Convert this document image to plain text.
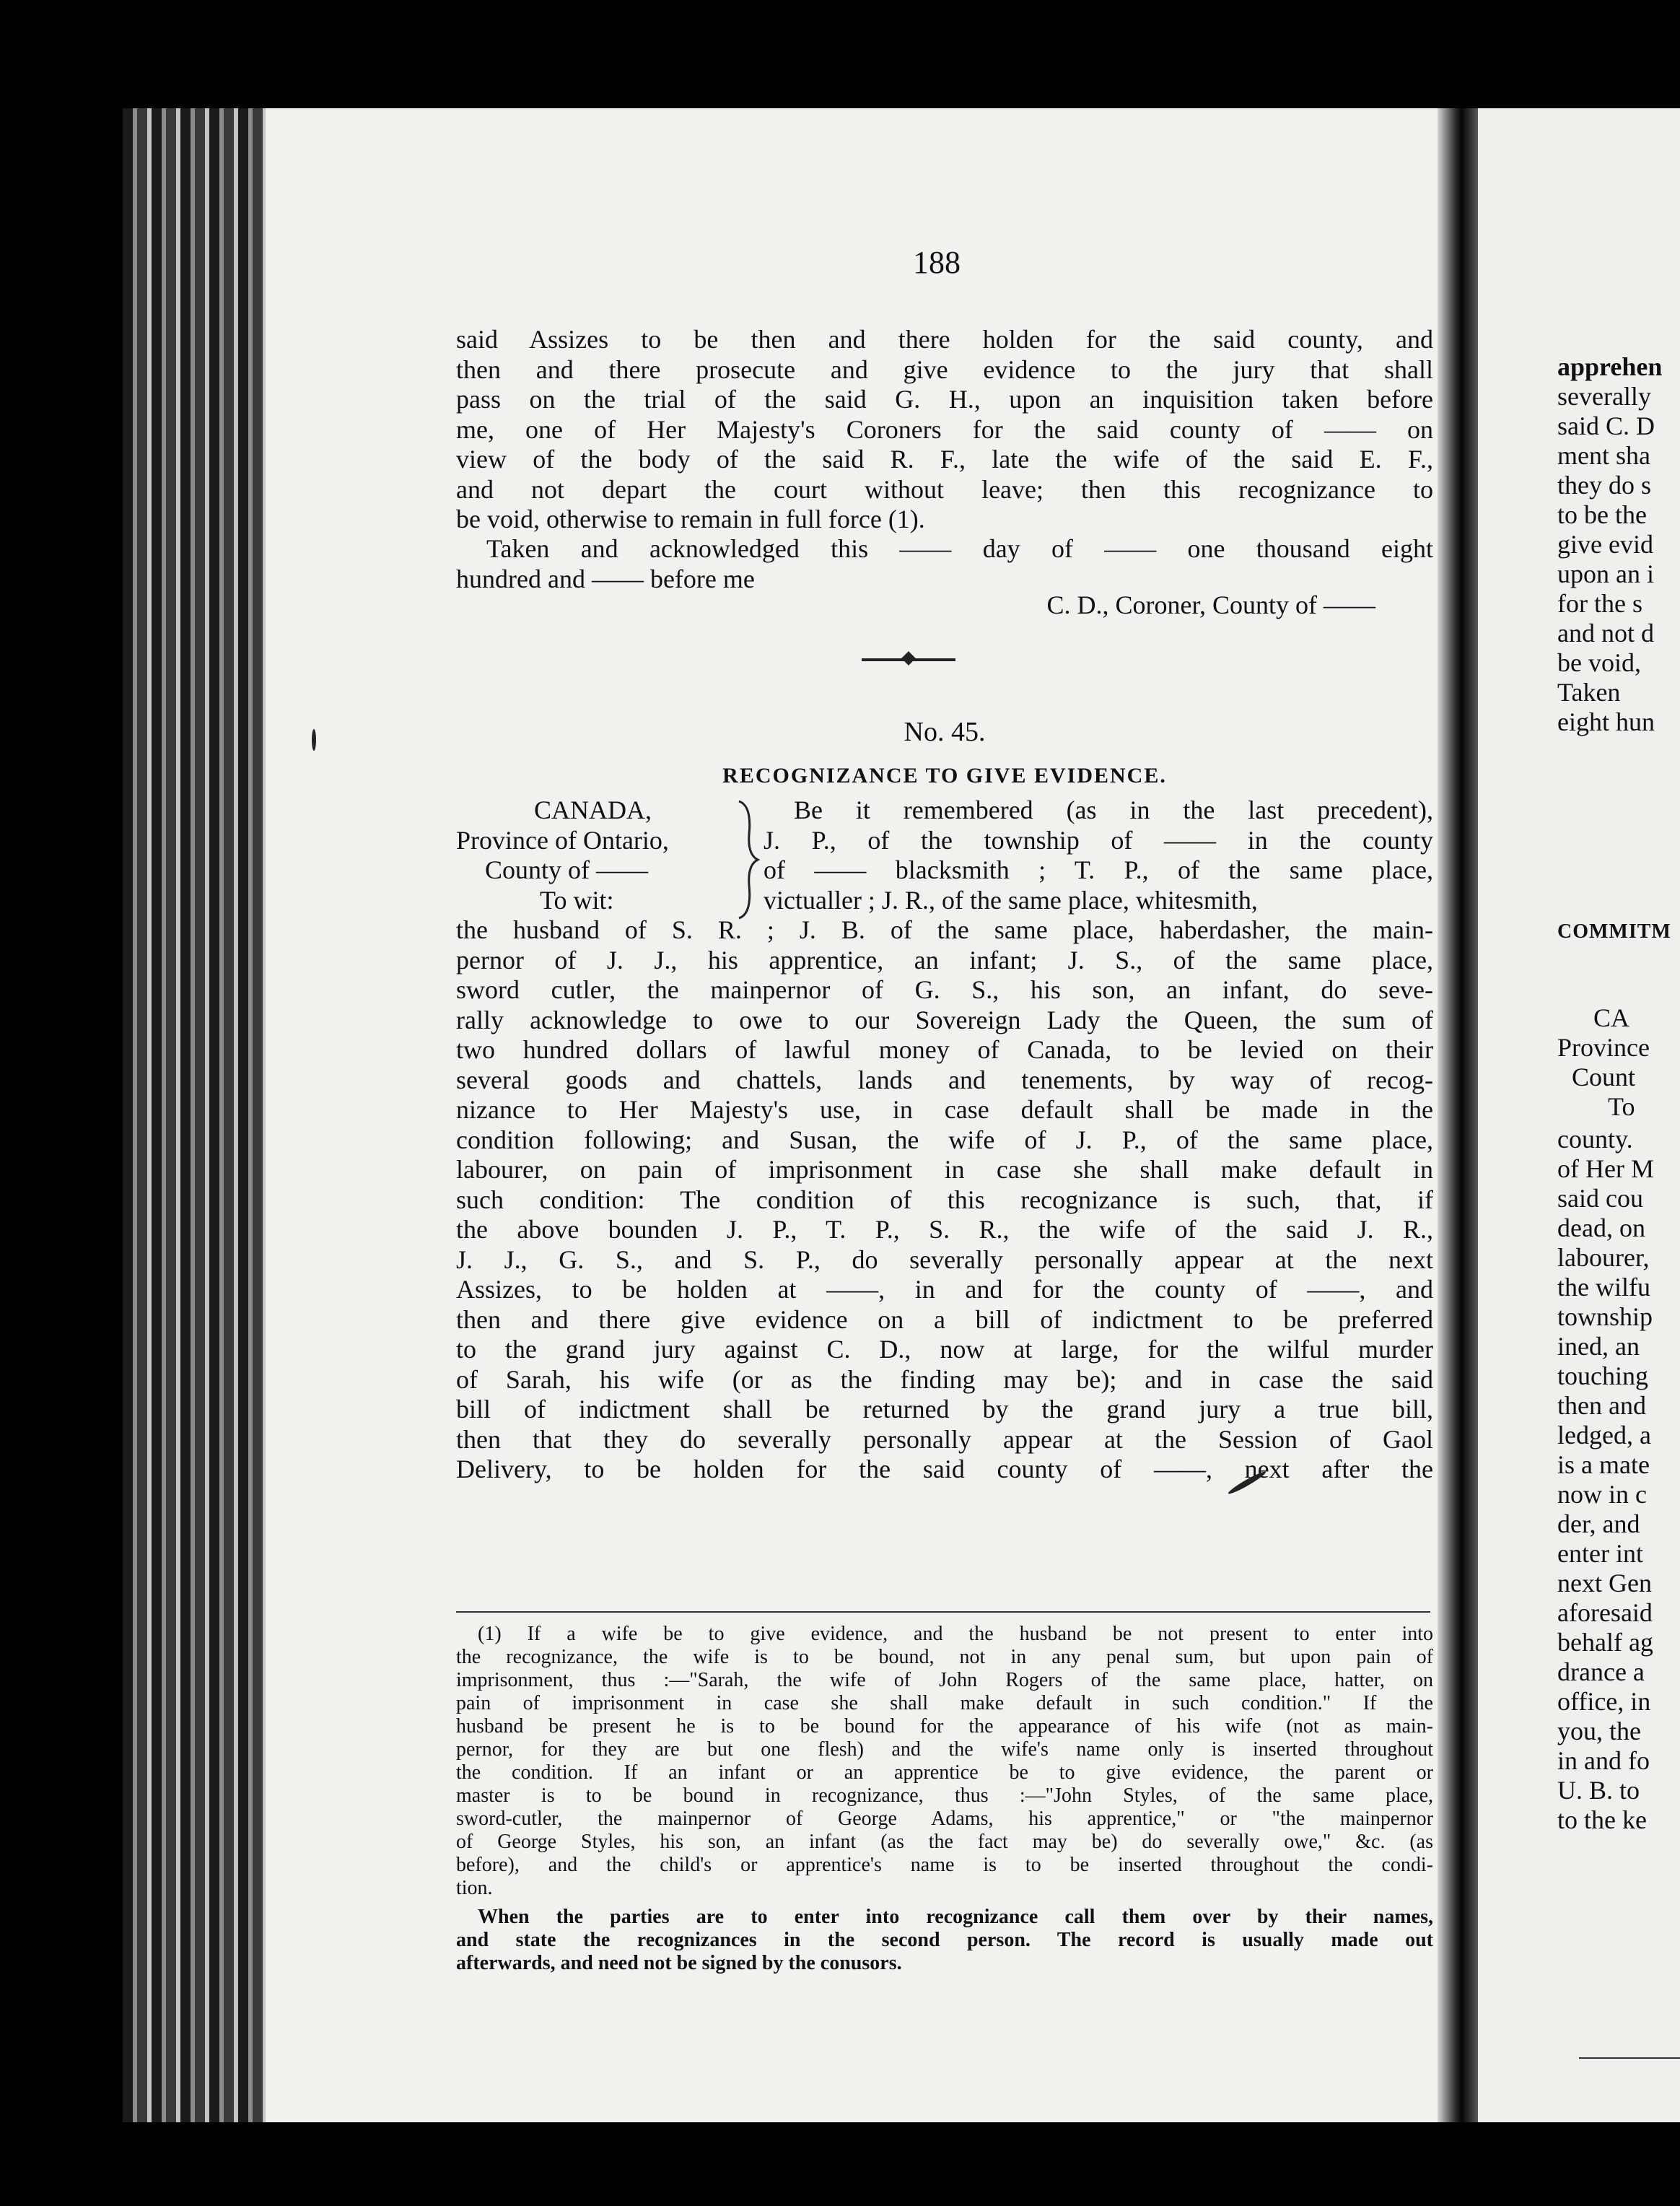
188

said Assizes to be then and there holden for the said county, and

then and there prosecute and give evidence to the jury that shall

pass on the trial of the said G. H., upon an inquisition taken before

me, one of Her Majesty's Coroners for the said county of —— on

view of the body of the said R. F., late the wife of the said E. F.,

and not depart the court without leave; then this recognizance to

be void, otherwise to remain in full force (1).

Taken and acknowledged this —— day of —— one thousand eight

hundred and —— before me

C. D., Coroner, County of ——

No. 45.
RECOGNIZANCE TO GIVE EVIDENCE.

CANADA,

Province of Ontario,

County of ——

To wit:

Be it remembered (as in the last precedent),

J. P., of the township of —— in the county

of —— blacksmith ; T. P., of the same place,

victualler ; J. R., of the same place, whitesmith,

the husband of S. R. ; J. B. of the same place, haberdasher, the main-

pernor of J. J., his apprentice, an infant; J. S., of the same place,

sword cutler, the mainpernor of G. S., his son, an infant, do seve-

rally acknowledge to owe to our Sovereign Lady the Queen, the sum of

two hundred dollars of lawful money of Canada, to be levied on their

several goods and chattels, lands and tenements, by way of recog-

nizance to Her Majesty's use, in case default shall be made in the

condition following; and Susan, the wife of J. P., of the same place,

labourer, on pain of imprisonment in case she shall make default in

such condition: The condition of this recognizance is such, that, if

the above bounden J. P., T. P., S. R., the wife of the said J. R.,

J. J., G. S., and S. P., do severally personally appear at the next

Assizes, to be holden at ——, in and for the county of ——, and

then and there give evidence on a bill of indictment to be preferred

to the grand jury against C. D., now at large, for the wilful murder

of Sarah, his wife (or as the finding may be); and in case the said

bill of indictment shall be returned by the grand jury a true bill,

then that they do severally personally appear at the Session of Gaol

Delivery, to be holden for the said county of ——, next after the

(1) If a wife be to give evidence, and the husband be not present to enter into

the recognizance, the wife is to be bound, not in any penal sum, but upon pain of

imprisonment, thus :—"Sarah, the wife of John Rogers of the same place, hatter, on

pain of imprisonment in case she shall make default in such condition." If the

husband be present he is to be bound for the appearance of his wife (not as main-

pernor, for they are but one flesh) and the wife's name only is inserted throughout

the condition. If an infant or an apprentice be to give evidence, the parent or

master is to be bound in recognizance, thus :—"John Styles, of the same place,

sword-cutler, the mainpernor of George Adams, his apprentice," or "the mainpernor

of George Styles, his son, an infant (as the fact may be) do severally owe," &c. (as

before), and the child's or apprentice's name is to be inserted throughout the condi-

tion.

When the parties are to enter into recognizance call them over by their names,

and state the recognizances in the second person. The record is usually made out

afterwards, and need not be signed by the conusors.

apprehen

severally

said C. D

ment sha

they do s

to be the

give evid

upon an i

for the s

and not d

be void,

Taken

eight hun

COMMITM

CA

Province

Count

To

county.

of Her M

said cou

dead, on

labourer,

the wilfu

township

ined, an

touching

then and

ledged, a

is a mate

now in c

der, and

enter int

next Gen

aforesaid

behalf ag

drance a

office, in

you, the

in and fo

U. B. to

to the ke
